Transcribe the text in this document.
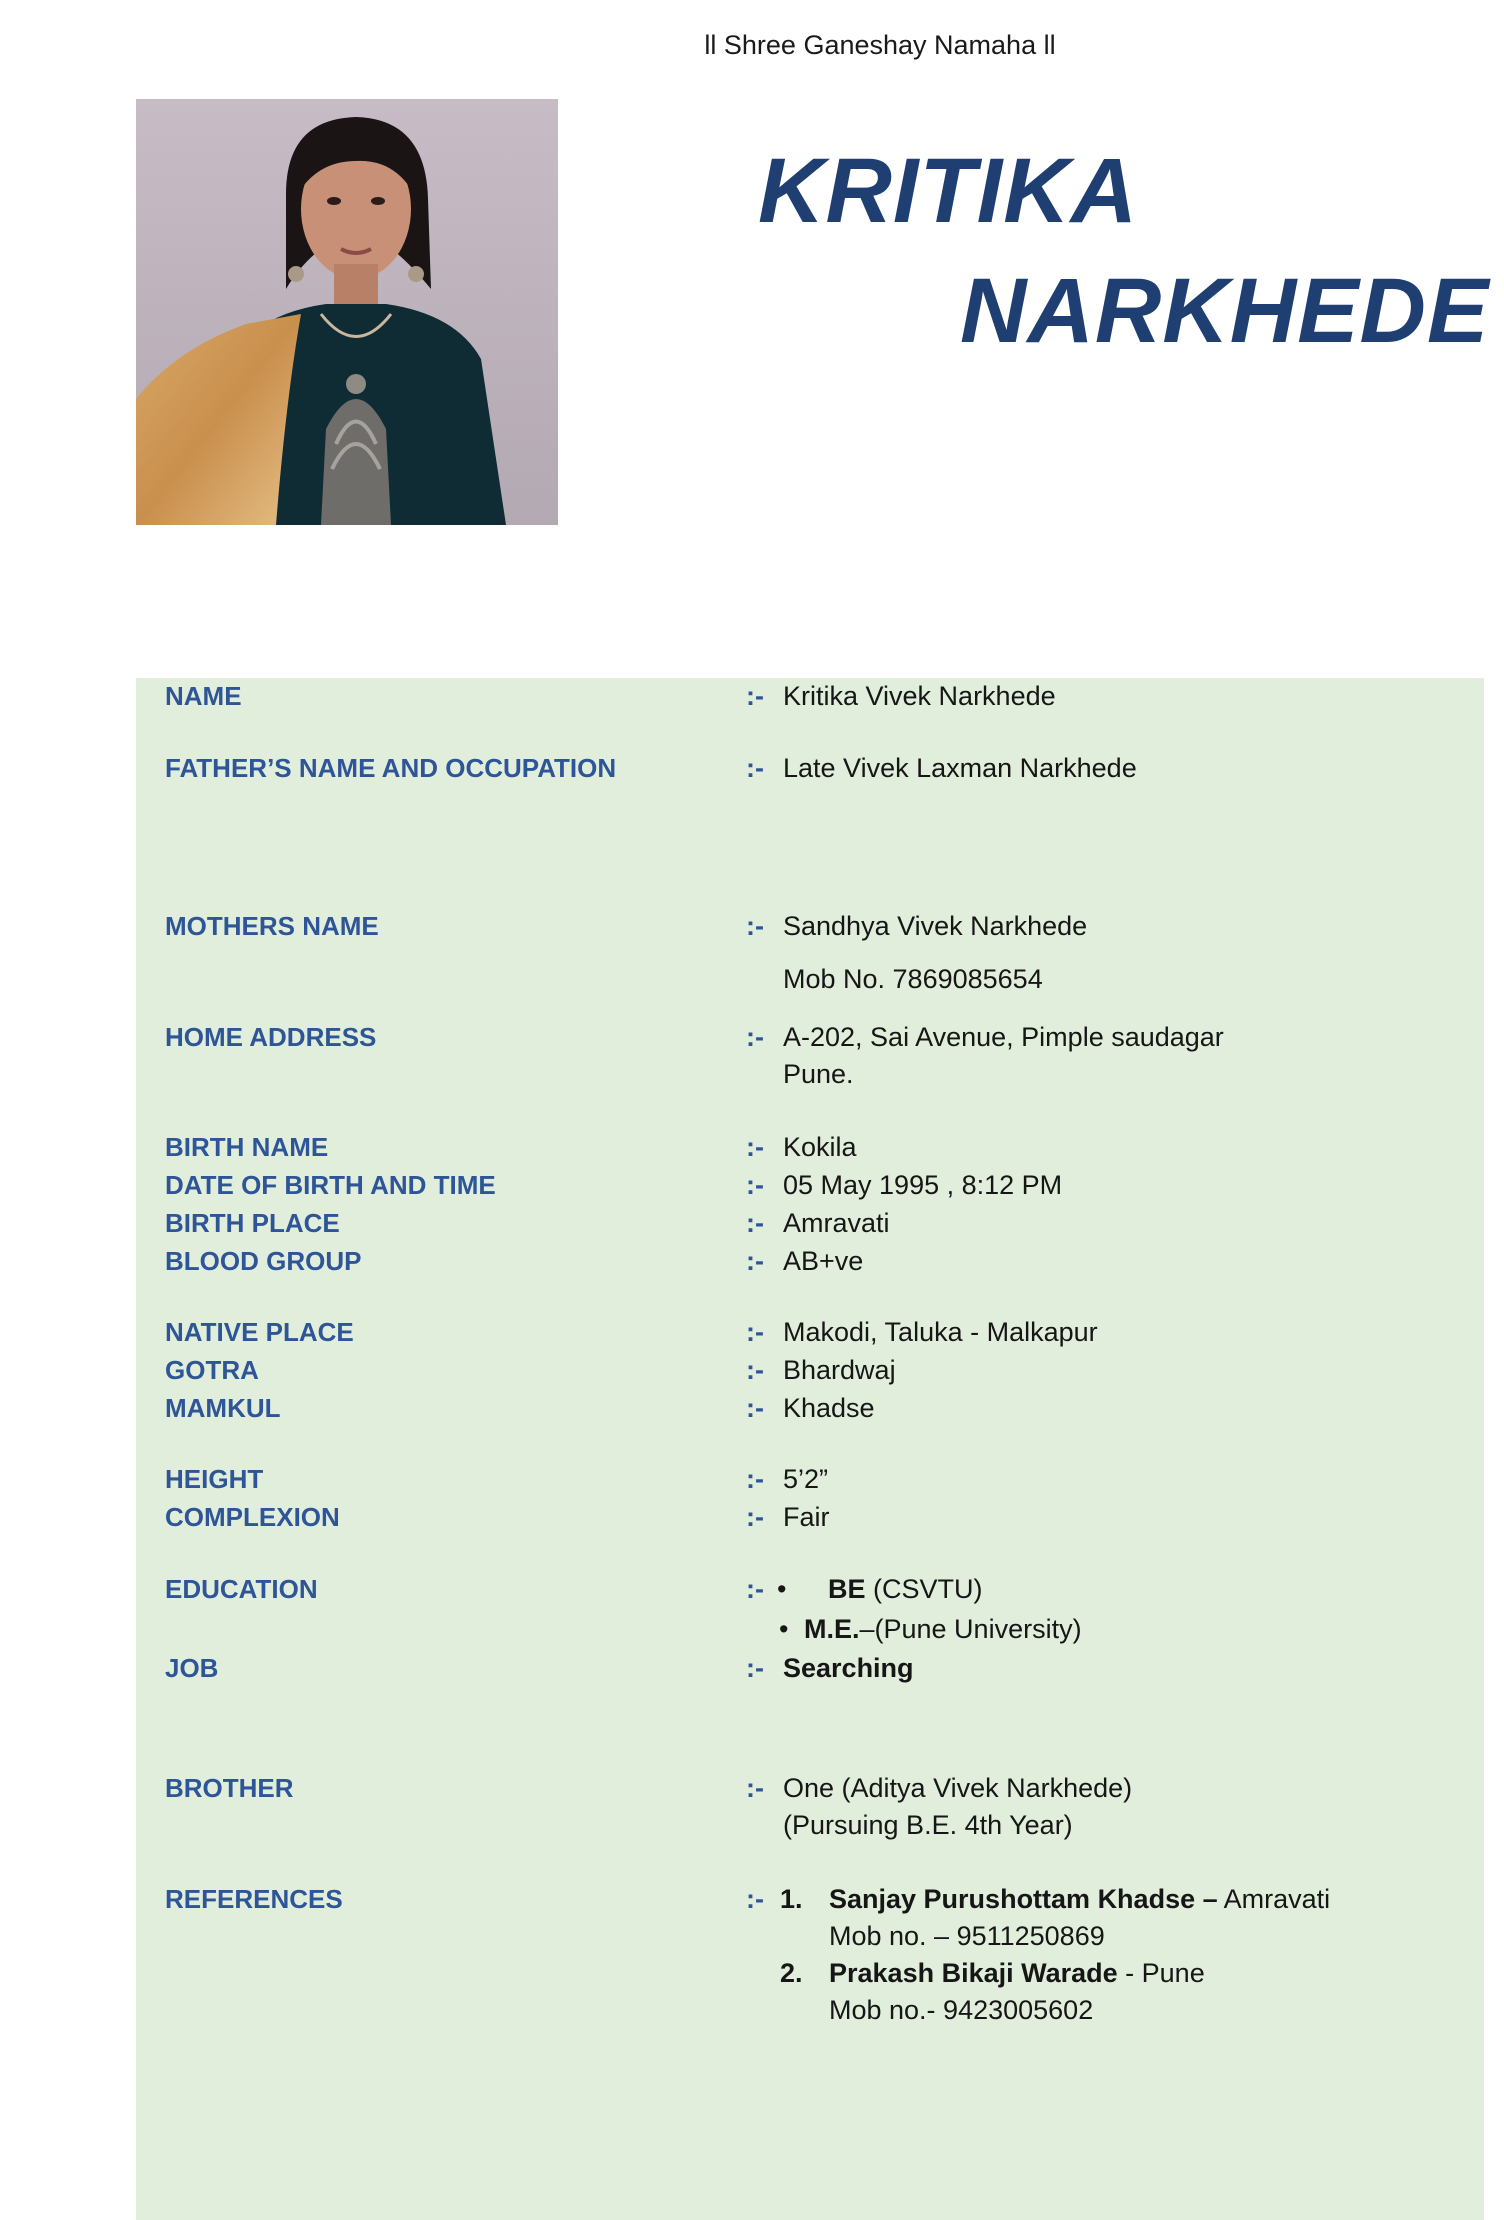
ll Shree Ganeshay Namaha ll
KRITIKA
NARKHEDE
NAME	:- Kritika Vivek Narkhede
FATHER’S NAME AND OCCUPATION	:- Late Vivek Laxman Narkhede
MOTHERS NAME	:- Sandhya Vivek Narkhede
Mob No. 7869085654
HOME ADDRESS	:- A-202, Sai Avenue, Pimple saudagar
Pune.
BIRTH NAME	:- Kokila
DATE OF BIRTH AND TIME	:- 05 May 1995 , 8:12 PM
BIRTH PLACE	:- Amravati
BLOOD GROUP	:- AB+ve
NATIVE PLACE	:- Makodi, Taluka - Malkapur
GOTRA	:- Bhardwaj
MAMKUL	:- Khadse
HEIGHT	:- 5’2”
COMPLEXION	:- Fair
EDUCATION	:- • BE (CSVTU)
• M.E.–(Pune University)
JOB	:- Searching
BROTHER	:- One (Aditya Vivek Narkhede)
(Pursuing B.E. 4th Year)
REFERENCES	:- 1. Sanjay Purushottam Khadse – Amravati
Mob no. – 9511250869
2. Prakash Bikaji Warade - Pune
Mob no.- 9423005602
